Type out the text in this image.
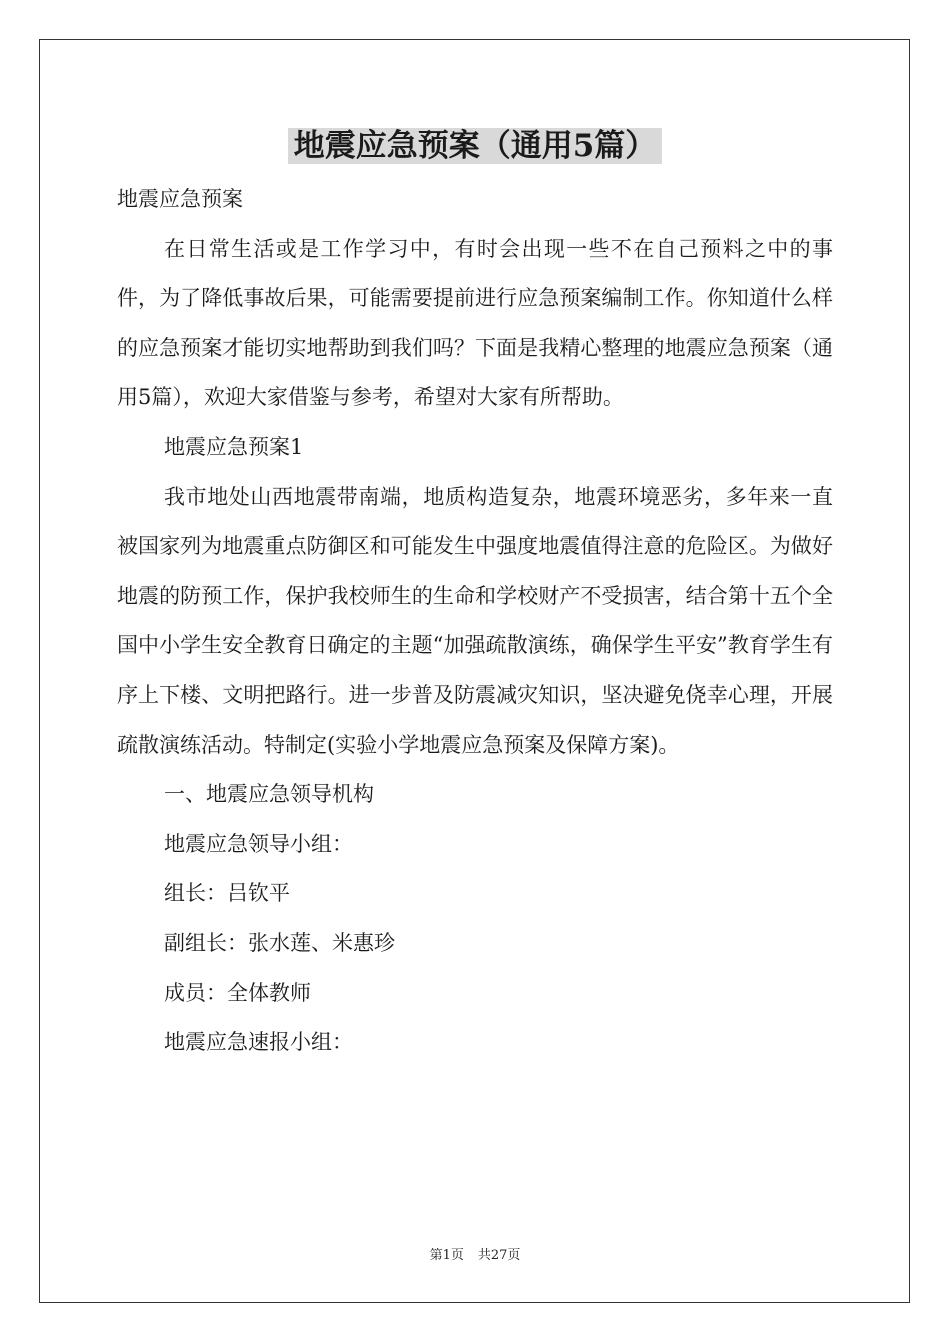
地震应急预案（通用5篇）

地震应急预案

在日常生活或是工作学习中，有时会出现一些不在自己预料之中的事件，为了降低事故后果，可能需要提前进行应急预案编制工作。你知道什么样的应急预案才能切实地帮助到我们吗？下面是我精心整理的地震应急预案（通用5篇），欢迎大家借鉴与参考，希望对大家有所帮助。

地震应急预案1

我市地处山西地震带南端，地质构造复杂，地震环境恶劣，多年来一直被国家列为地震重点防御区和可能发生中强度地震值得注意的危险区。为做好地震的防预工作，保护我校师生的生命和学校财产不受损害，结合第十五个全国中小学生安全教育日确定的主题“加强疏散演练，确保学生平安”教育学生有序上下楼、文明把路行。进一步普及防震减灾知识，坚决避免侥幸心理，开展疏散演练活动。特制定(实验小学地震应急预案及保障方案)。

一、地震应急领导机构

地震应急领导小组：

组长：吕钦平

副组长：张水莲、米惠珍

成员：全体教师

地震应急速报小组：

第1页 共27页
